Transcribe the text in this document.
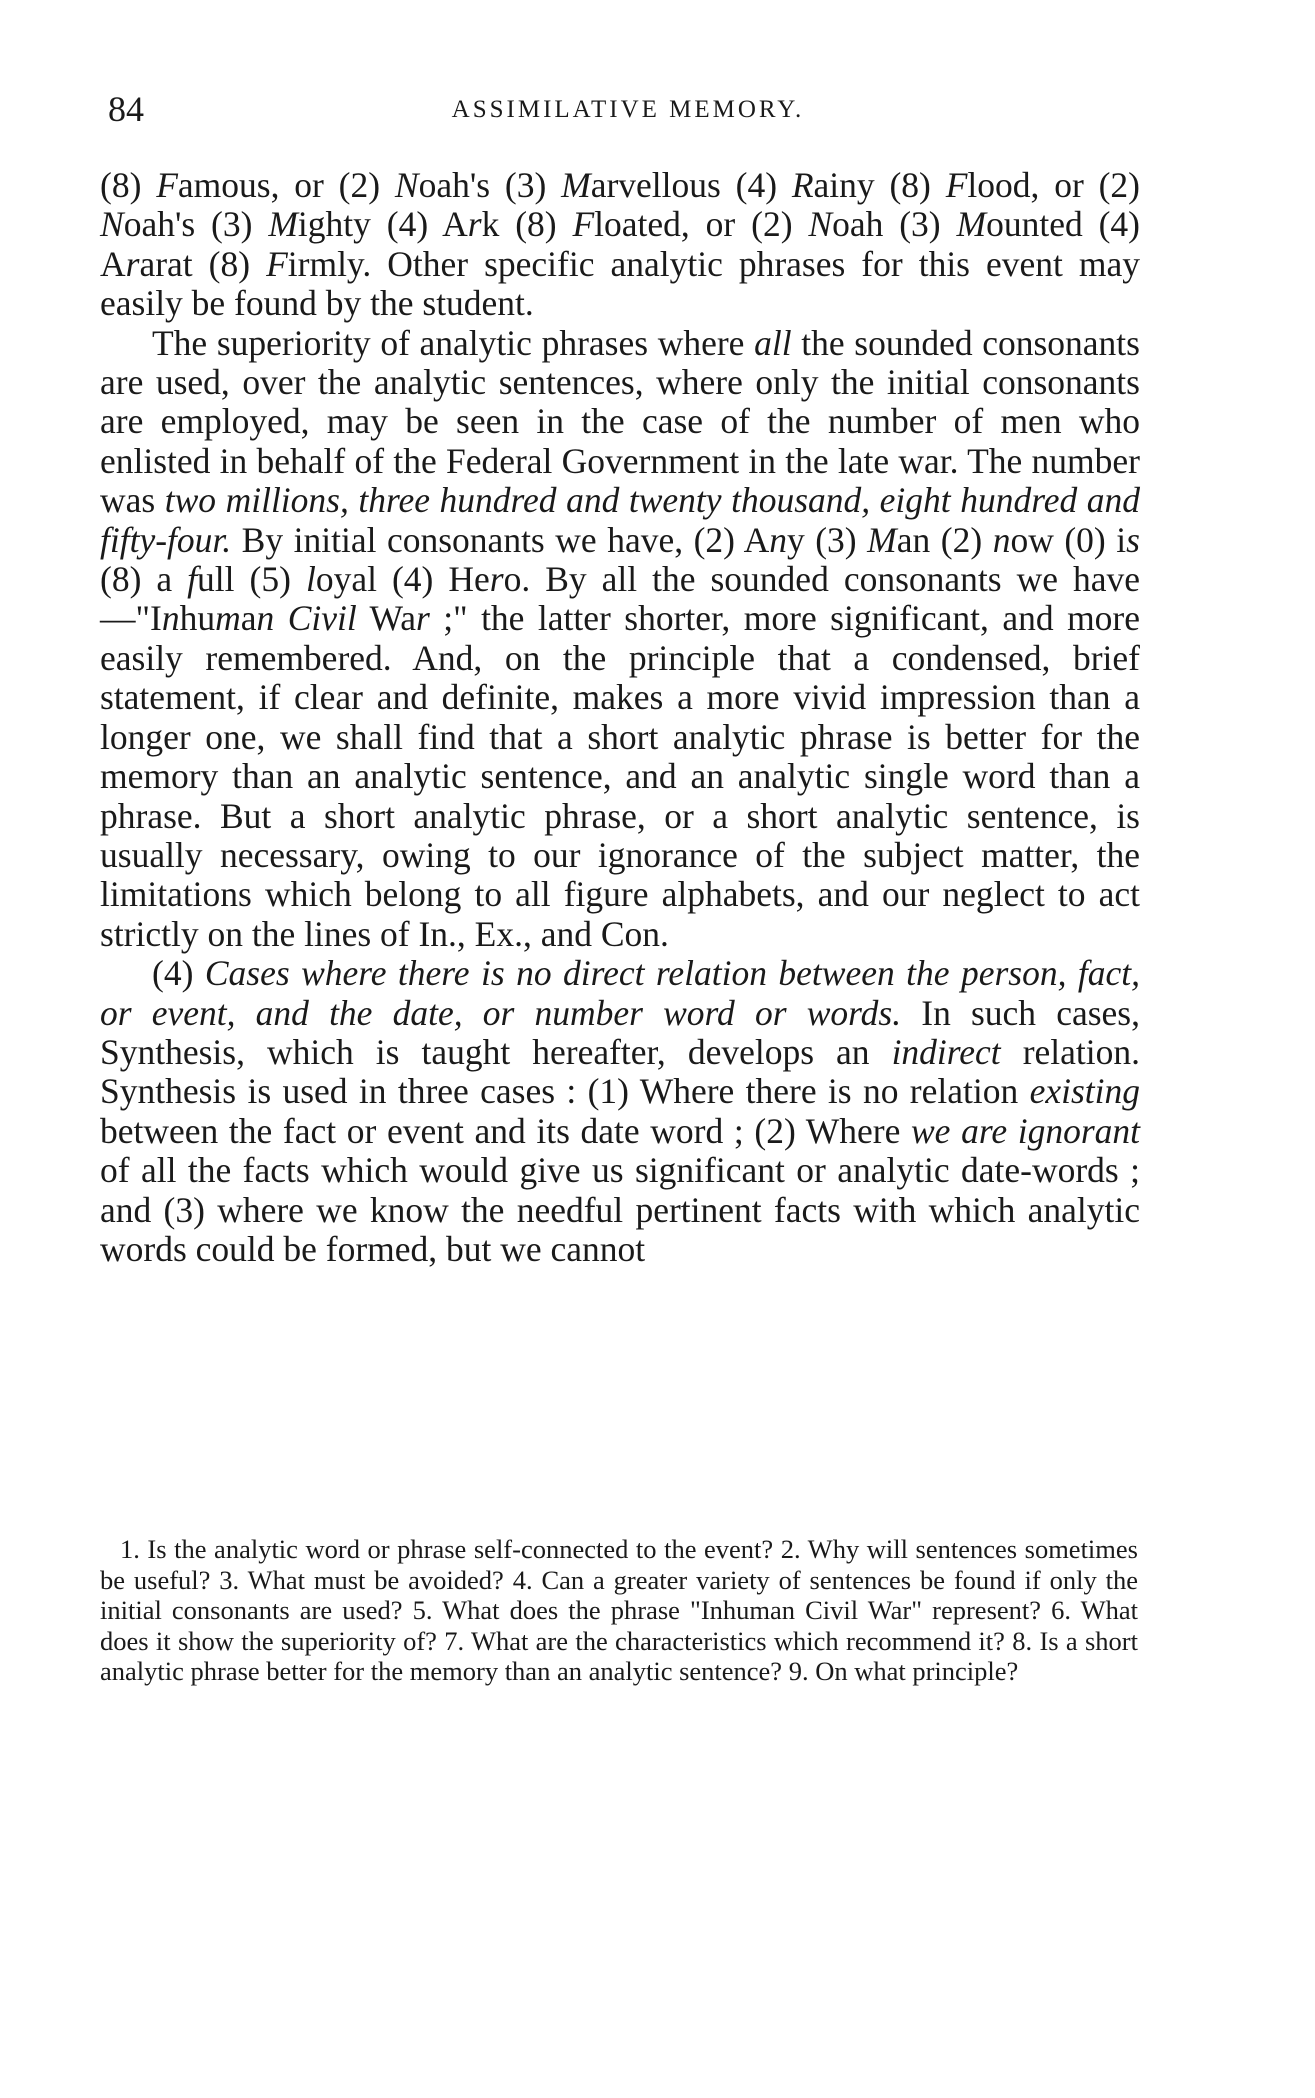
84	ASSIMILATIVE MEMORY.

(8) Famous, or (2) Noah's (3) Marvellous (4) Rainy (8) Flood, or (2) Noah's (3) Mighty (4) Ark (8) Floated, or (2) Noah (3) Mounted (4) Ararat (8) Firmly. Other specific analytic phrases for this event may easily be found by the student.

The superiority of analytic phrases where all the sounded consonants are used, over the analytic sentences, where only the initial consonants are employed, may be seen in the case of the number of men who enlisted in behalf of the Federal Government in the late war. The number was two millions, three hundred and twenty thousand, eight hundred and fifty-four. By initial consonants we have, (2) Any (3) Man (2) now (0) is (8) a full (5) loyal (4) Hero. By all the sounded consonants we have—"Inhuman Civil War ;" the latter shorter, more significant, and more easily remembered. And, on the principle that a condensed, brief statement, if clear and definite, makes a more vivid impression than a longer one, we shall find that a short analytic phrase is better for the memory than an analytic sentence, and an analytic single word than a phrase. But a short analytic phrase, or a short analytic sentence, is usually necessary, owing to our ignorance of the subject matter, the limitations which belong to all figure alphabets, and our neglect to act strictly on the lines of In., Ex., and Con.

(4) Cases where there is no direct relation between the person, fact, or event, and the date, or number word or words. In such cases, Synthesis, which is taught hereafter, develops an indirect relation. Synthesis is used in three cases : (1) Where there is no relation existing between the fact or event and its date word ; (2) Where we are ignorant of all the facts which would give us significant or analytic date-words ; and (3) where we know the needful pertinent facts with which analytic words could be formed, but we cannot

1. Is the analytic word or phrase self-connected to the event? 2. Why will sentences sometimes be useful? 3. What must be avoided? 4. Can a greater variety of sentences be found if only the initial consonants are used? 5. What does the phrase "Inhuman Civil War" represent? 6. What does it show the superiority of? 7. What are the characteristics which recommend it? 8. Is a short analytic phrase better for the memory than an analytic sentence? 9. On what principle?
